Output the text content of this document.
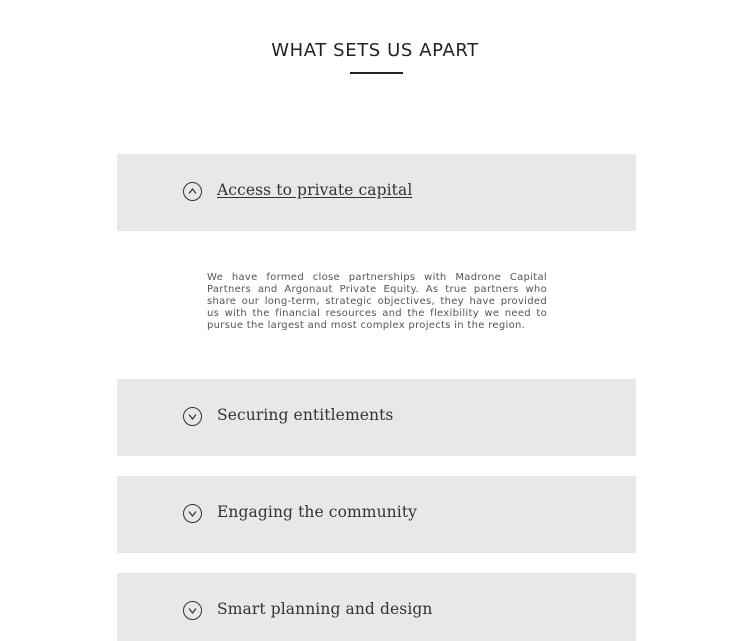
WHAT SETS US APART
Access to private capital
We have formed close partnerships with Madrone Capital Partners and Argonaut Private Equity. As true partners who share our long-term, strategic objectives, they have provided us with the financial resources and the flexibility we need to pursue the largest and most complex projects in the region.
Securing entitlements
Engaging the community
Smart planning and design
